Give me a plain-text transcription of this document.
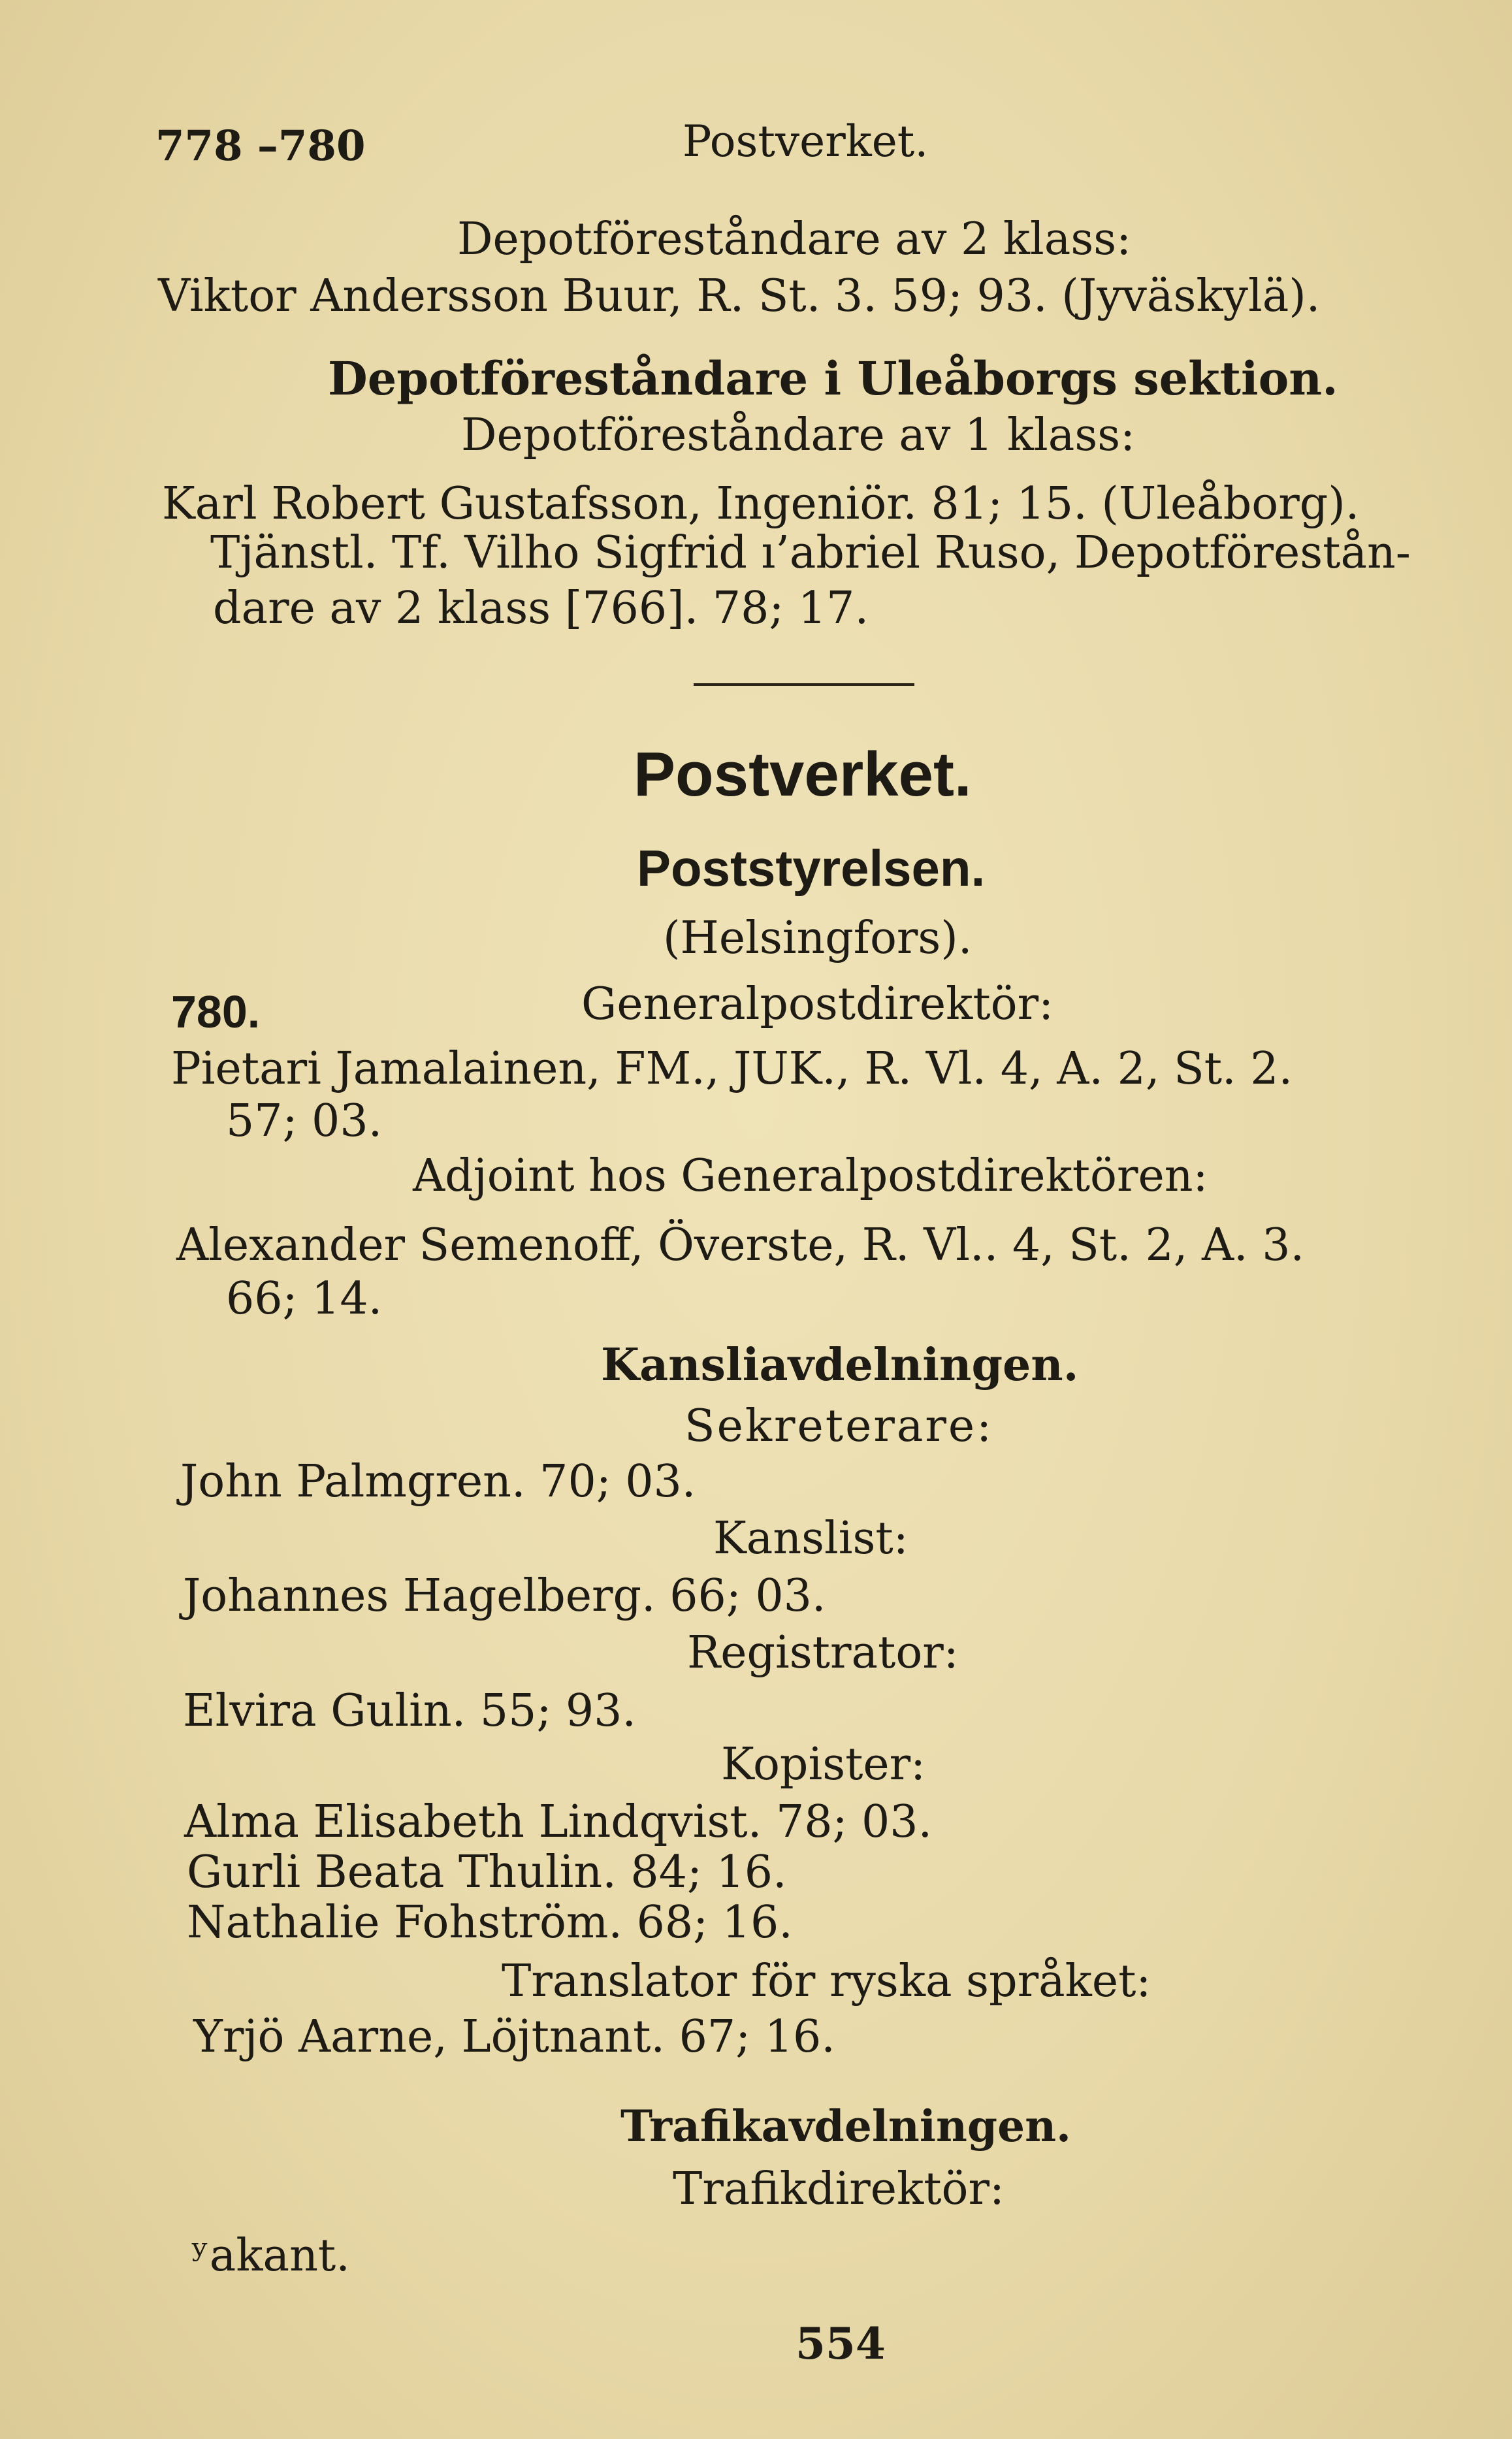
778 –780	Postverket.
Depotföreståndare av 2 klass:
Viktor Andersson Buur, R. St. 3. 59; 93. (Jyväskylä).
Depotföreståndare i Uleåborgs sektion.
Depotföreståndare av 1 klass:
Karl Robert Gustafsson, Ingeniör. 81; 15. (Uleåborg).
Tjänstl. Tf. Vilho Sigfrid ı’abriel Ruso, Depotförestån-
dare av 2 klass [766]. 78; 17.
Postverket.
Poststyrelsen.
(Helsingfors).
780.	Generalpostdirektör:
Pietari Jamalainen, FM., JUK., R. Vl. 4, A. 2, St. 2.
57; 03.
Adjoint hos Generalpostdirektören:
Alexander Semenoff, Överste, R. Vl.. 4, St. 2, A. 3.
66; 14.
Kansliavdelningen.
Sekreterare:
John Palmgren. 70; 03.
Kanslist:
Johannes Hagelberg. 66; 03.
Registrator:
Elvira Gulin. 55; 93.
Kopister:
Alma Elisabeth Lindqvist. 78; 03.
Gurli Beata Thulin. 84; 16.
Nathalie Fohström. 68; 16.
Translator för ryska språket:
Yrjö Aarne, Löjtnant. 67; 16.
Trafikavdelningen.
Trafikdirektör:
ʸakant.
554
